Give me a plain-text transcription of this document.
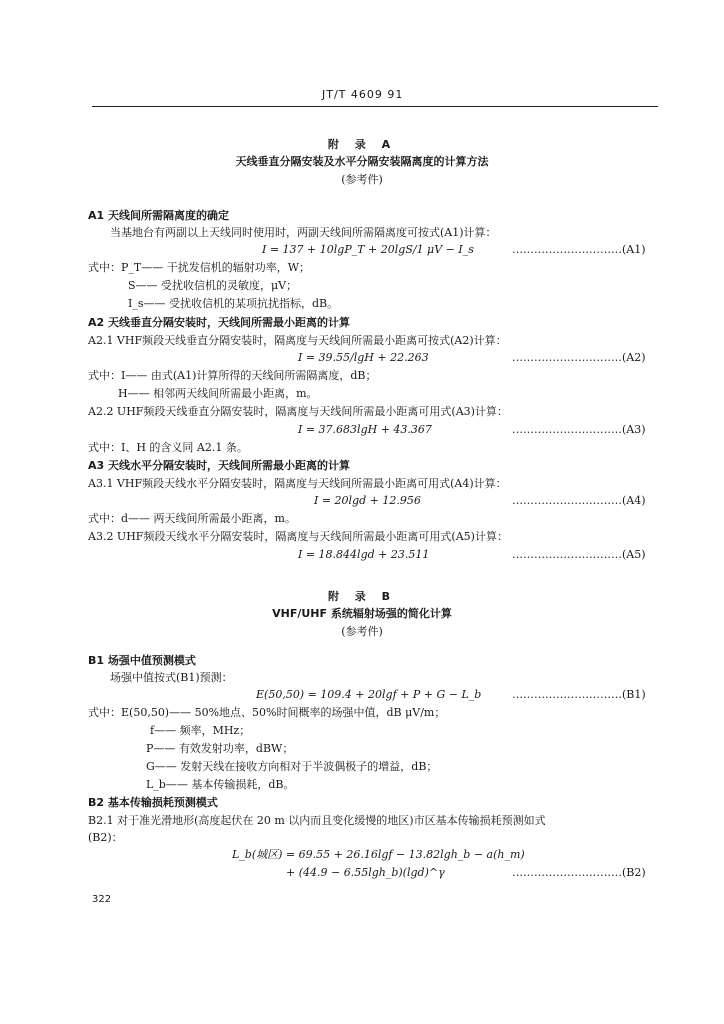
JT/T 4609 91
附 录 A
天线垂直分隔安装及水平分隔安装隔离度的计算方法
(参考件)
A1 天线间所需隔离度的确定
当基地台有两副以上天线同时使用时，两副天线间所需隔离度可按式(A1)计算：
I = 137 + 10lgP_T + 20lgS/1 μV − I_s	…………………………(A1)
式中：P_T—— 干扰发信机的辐射功率，W；
S—— 受扰收信机的灵敏度，μV；
I_s—— 受扰收信机的某项抗扰指标，dB。
A2 天线垂直分隔安装时，天线间所需最小距离的计算
A2.1 VHF频段天线垂直分隔安装时，隔离度与天线间所需最小距离可按式(A2)计算：
I = 39.55/lgH + 22.263	…………………………(A2)
式中：I—— 由式(A1)计算所得的天线间所需隔离度，dB；
H—— 相邻两天线间所需最小距离，m。
A2.2 UHF频段天线垂直分隔安装时，隔离度与天线间所需最小距离可用式(A3)计算：
I = 37.683lgH + 43.367	…………………………(A3)
式中：I、H 的含义同 A2.1 条。
A3 天线水平分隔安装时，天线间所需最小距离的计算
A3.1 VHF频段天线水平分隔安装时，隔离度与天线间所需最小距离可用式(A4)计算：
I = 20lgd + 12.956	…………………………(A4)
式中：d—— 两天线间所需最小距离，m。
A3.2 UHF频段天线水平分隔安装时，隔离度与天线间所需最小距离可用式(A5)计算：
I = 18.844lgd + 23.511	…………………………(A5)
附 录 B
VHF/UHF 系统辐射场强的简化计算
(参考件)
B1 场强中值预测模式
场强中值按式(B1)预测：
E(50,50) = 109.4 + 20lgf + P + G − L_b	…………………………(B1)
式中：E(50,50)—— 50%地点、50%时间概率的场强中值，dB μV/m；
f—— 频率，MHz；
P—— 有效发射功率，dBW；
G—— 发射天线在接收方向相对于半波偶极子的增益，dB；
L_b—— 基本传输损耗，dB。
B2 基本传输损耗预测模式
B2.1 对于准光滑地形(高度起伏在 20 m 以内而且变化缓慢的地区)市区基本传输损耗预测如式
(B2)：
L_b(城区) = 69.55 + 26.16lgf − 13.82lgh_b − a(h_m)
+ (44.9 − 6.55lgh_b)(lgd)^γ	…………………………(B2)
322
